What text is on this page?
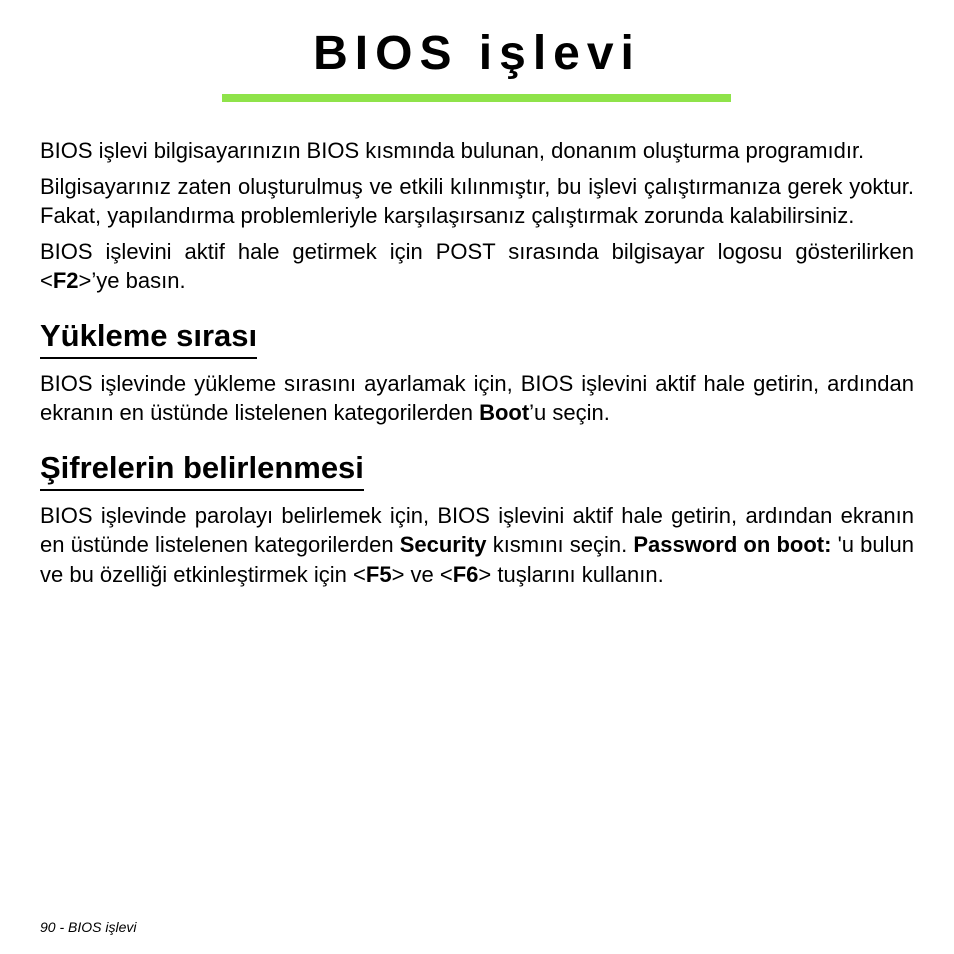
BIOS işlevi

BIOS işlevi bilgisayarınızın BIOS kısmında bulunan, donanım oluşturma programıdır.

Bilgisayarınız zaten oluşturulmuş ve etkili kılınmıştır, bu işlevi çalıştırmanıza gerek yoktur. Fakat, yapılandırma problemleriyle karşılaşırsanız çalıştırmak zorunda kalabilirsiniz.

BIOS işlevini aktif hale getirmek için POST sırasında bilgisayar logosu gösterilirken <F2>’ye basın.

Yükleme sırası

BIOS işlevinde yükleme sırasını ayarlamak için, BIOS işlevini aktif hale getirin, ardından ekranın en üstünde listelenen kategorilerden Boot’u seçin.

Şifrelerin belirlenmesi

BIOS işlevinde parolayı belirlemek için, BIOS işlevini aktif hale getirin, ardından ekranın en üstünde listelenen kategorilerden Security kısmını seçin. Password on boot: 'u bulun ve bu özelliği etkinleştirmek için <F5> ve <F6> tuşlarını kullanın.

90 - BIOS işlevi
